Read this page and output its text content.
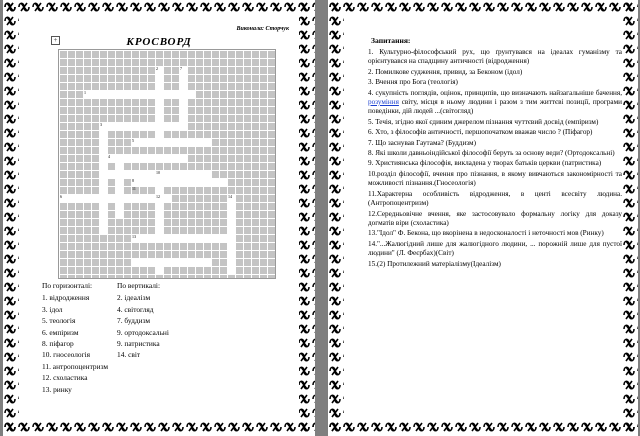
Виконала: Сторчук
КРОСВОРД
+
2	7
1
3
5
4
10
8
11
6	12	14
13
По горизонталі:
1. відродження
3. ідол
5. теологія
6. емпіризм
8. піфагор
10. гносеологія
11. антропоцентризм
12. схоластика
13. ринку
По вертикалі:
2. ідеалізм
4. світогляд
7. буддизм
9. ортодоксальні
9. патристика
14. світ
Запитання:
1. Культурно-філософський рух, що ґрунтувався на ідеалах гуманізму та орієнтувався на спадщину античності (відродження)
2. Помилкове судження, привид, за Беконом (ідол)
3. Вчення про Бога (теологія)
4. сукупність поглядів, оцінок, принципів, що визначають найзагальніше бачення, розуміння світу, місця в ньому людини і разом з тим життєві позиції, програми поведінки, дій людей ...(світогляд)
5. Течія, згідно якої єдиним джерелом пізнання чуттєвий досвід (емпіризм)
6. Хто, з філософів античності, першопочатком вважав число ? (Піфагор)
7. Що заснував Гаутама? (Буддизм)
8. Які школи давньоіндійської філософії беруть за основу веди? (Ортодоксальні)
9. Християнська філософія, викладена у творах батьків церкви (патристика)
10.розділ філософії, вчення про пізнання, в якому вивчаються закономірності та можливості пізнання.(Гносеологія)
11.Характерна особливість відродження, в центі всесвіту людина.(Антропоцентризм)
12.Середньовічне вчення, яке застосовувало формальну логіку для доказу догматів віри (схоластика)
13."Ідол" Ф. Бекона, що вкорінена в недосконалості і неточності мов (Ринку)
14."...Жалюгідний лише для жалюгідного людини, ... порожній лише для пустої людини" (Л. Феєрбах)(Світ)
15.(2) Протилежний матеріалізму(Ідеалізм)
